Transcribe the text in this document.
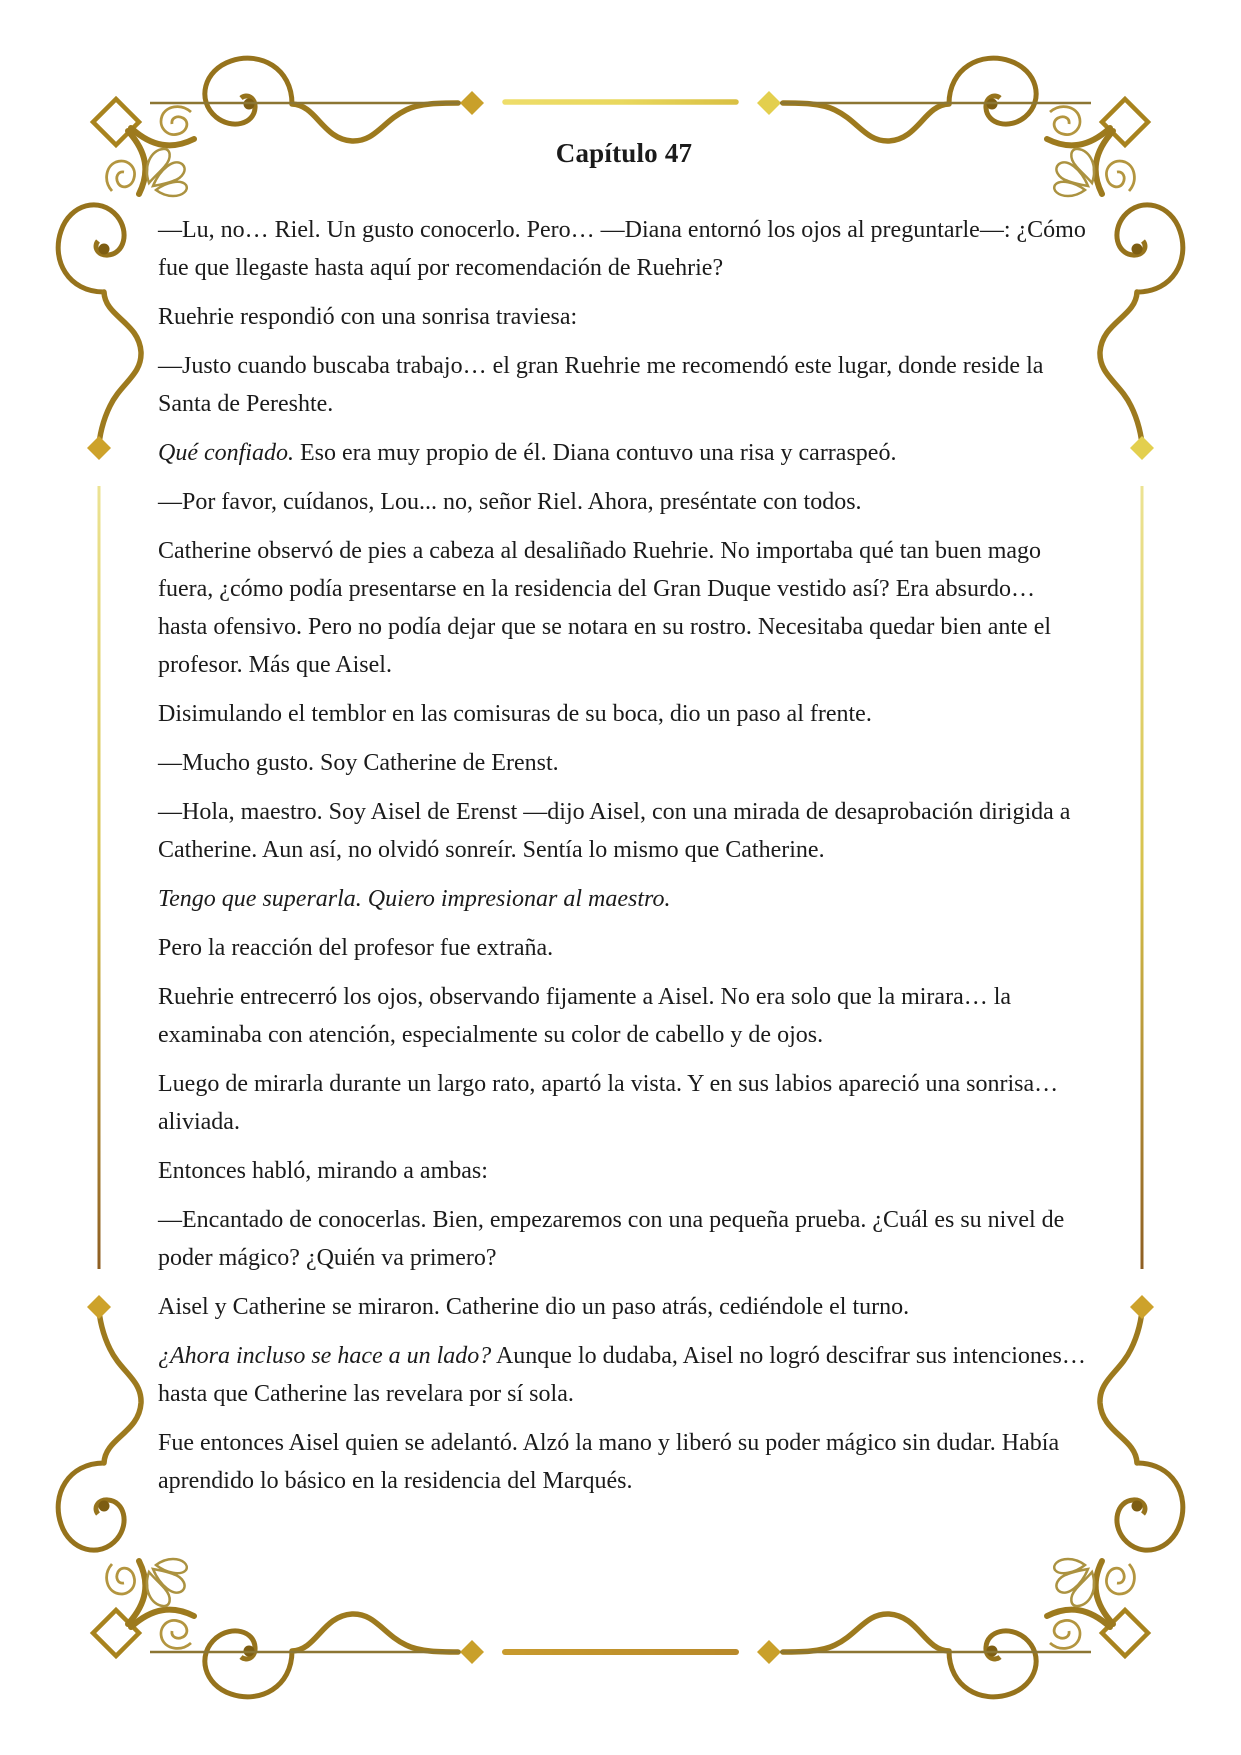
Capítulo 47

—Lu, no… Riel. Un gusto conocerlo. Pero… —Diana entornó los ojos al preguntarle—: ¿Cómo fue que llegaste hasta aquí por recomendación de Ruehrie?

Ruehrie respondió con una sonrisa traviesa:

—Justo cuando buscaba trabajo… el gran Ruehrie me recomendó este lugar, donde reside la Santa de Pereshte.

Qué confiado. Eso era muy propio de él. Diana contuvo una risa y carraspeó.

—Por favor, cuídanos, Lou... no, señor Riel. Ahora, preséntate con todos.

Catherine observó de pies a cabeza al desaliñado Ruehrie. No importaba qué tan buen mago fuera, ¿cómo podía presentarse en la residencia del Gran Duque vestido así? Era absurdo… hasta ofensivo. Pero no podía dejar que se notara en su rostro. Necesitaba quedar bien ante el profesor. Más que Aisel.

Disimulando el temblor en las comisuras de su boca, dio un paso al frente.

—Mucho gusto. Soy Catherine de Erenst.

—Hola, maestro. Soy Aisel de Erenst —dijo Aisel, con una mirada de desaprobación dirigida a Catherine. Aun así, no olvidó sonreír. Sentía lo mismo que Catherine.

Tengo que superarla. Quiero impresionar al maestro.

Pero la reacción del profesor fue extraña.

Ruehrie entrecerró los ojos, observando fijamente a Aisel. No era solo que la mirara… la examinaba con atención, especialmente su color de cabello y de ojos.

Luego de mirarla durante un largo rato, apartó la vista. Y en sus labios apareció una sonrisa… aliviada.

Entonces habló, mirando a ambas:

—Encantado de conocerlas. Bien, empezaremos con una pequeña prueba. ¿Cuál es su nivel de poder mágico? ¿Quién va primero?

Aisel y Catherine se miraron. Catherine dio un paso atrás, cediéndole el turno.

¿Ahora incluso se hace a un lado? Aunque lo dudaba, Aisel no logró descifrar sus intenciones… hasta que Catherine las revelara por sí sola.

Fue entonces Aisel quien se adelantó. Alzó la mano y liberó su poder mágico sin dudar. Había aprendido lo básico en la residencia del Marqués.
